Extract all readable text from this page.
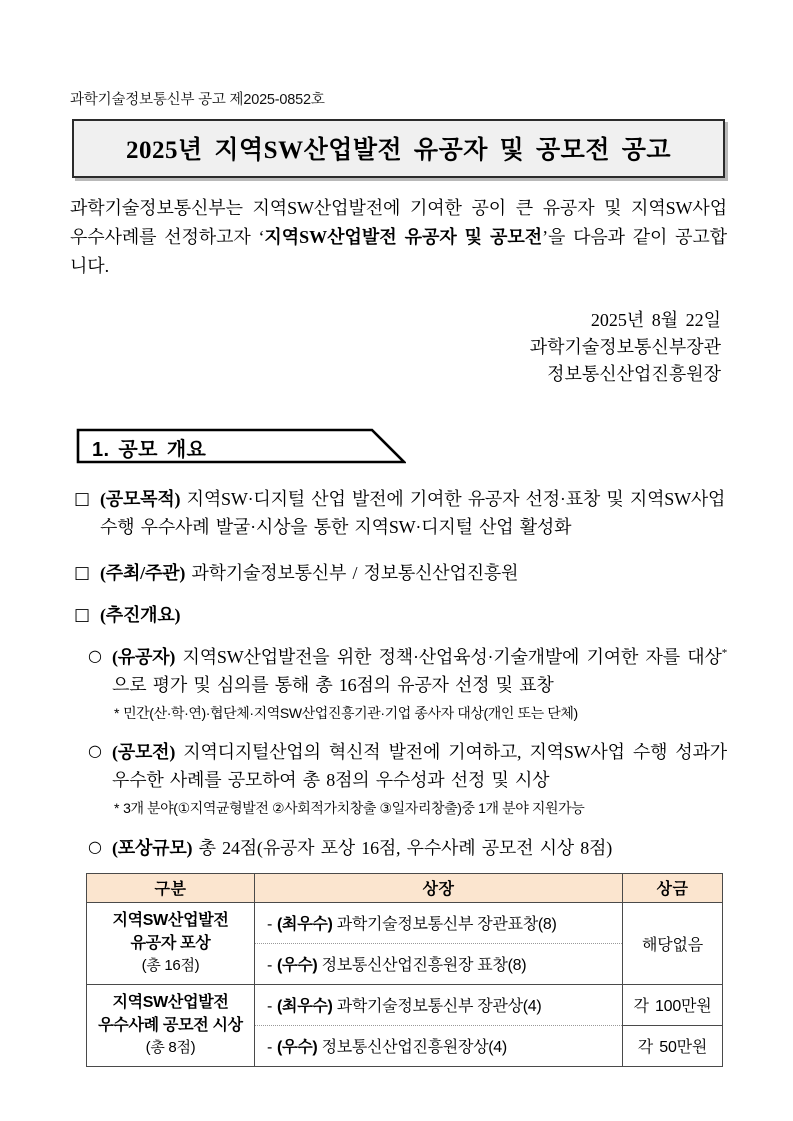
과학기술정보통신부 공고 제2025-0852호
2025년 지역SW산업발전 유공자 및 공모전 공고

과학기술정보통신부는 지역SW산업발전에 기여한 공이 큰 유공자 및 지역SW사업 우수사례를 선정하고자 ‘지역SW산업발전 유공자 및 공모전’을 다음과 같이 공고합니다.

2025년 8월 22일
과학기술정보통신부장관
정보통신산업진흥원장
1. 공모 개요
□ (공모목적) 지역SW·디지털 산업 발전에 기여한 유공자 선정·표창 및 지역SW사업 수행 우수사례 발굴·시상을 통한 지역SW·디지털 산업 활성화
□ (주최/주관) 과학기술정보통신부 / 정보통신산업진흥원
□ (추진개요)
○ (유공자) 지역SW산업발전을 위한 정책·산업육성·기술개발에 기여한 자를 대상*으로 평가 및 심의를 통해 총 16점의 유공자 선정 및 표창
* 민간(산·학·연)·협단체·지역SW산업진흥기관·기업 종사자 대상(개인 또는 단체)
○ (공모전) 지역디지털산업의 혁신적 발전에 기여하고, 지역SW사업 수행 성과가 우수한 사례를 공모하여 총 8점의 우수성과 선정 및 시상
* 3개 분야(①지역균형발전 ②사회적가치창출 ③일자리창출)중 1개 분야 지원가능
○ (포상규모) 총 24점(유공자 포상 16점, 우수사례 공모전 시상 8점)
구분	상장	상금

지역SW산업발전
유공자 포상
(총 16점)	- (최우수) 과학기술정보통신부 장관표창(8)	해당없음
	- (우수) 정보통신산업진흥원장 표창(8)	

지역SW산업발전
우수사례 공모전 시상
(총 8점)	- (최우수) 과학기술정보통신부 장관상(4)	각 100만원
	- (우수) 정보통신산업진흥원장상(4)	각 50만원
